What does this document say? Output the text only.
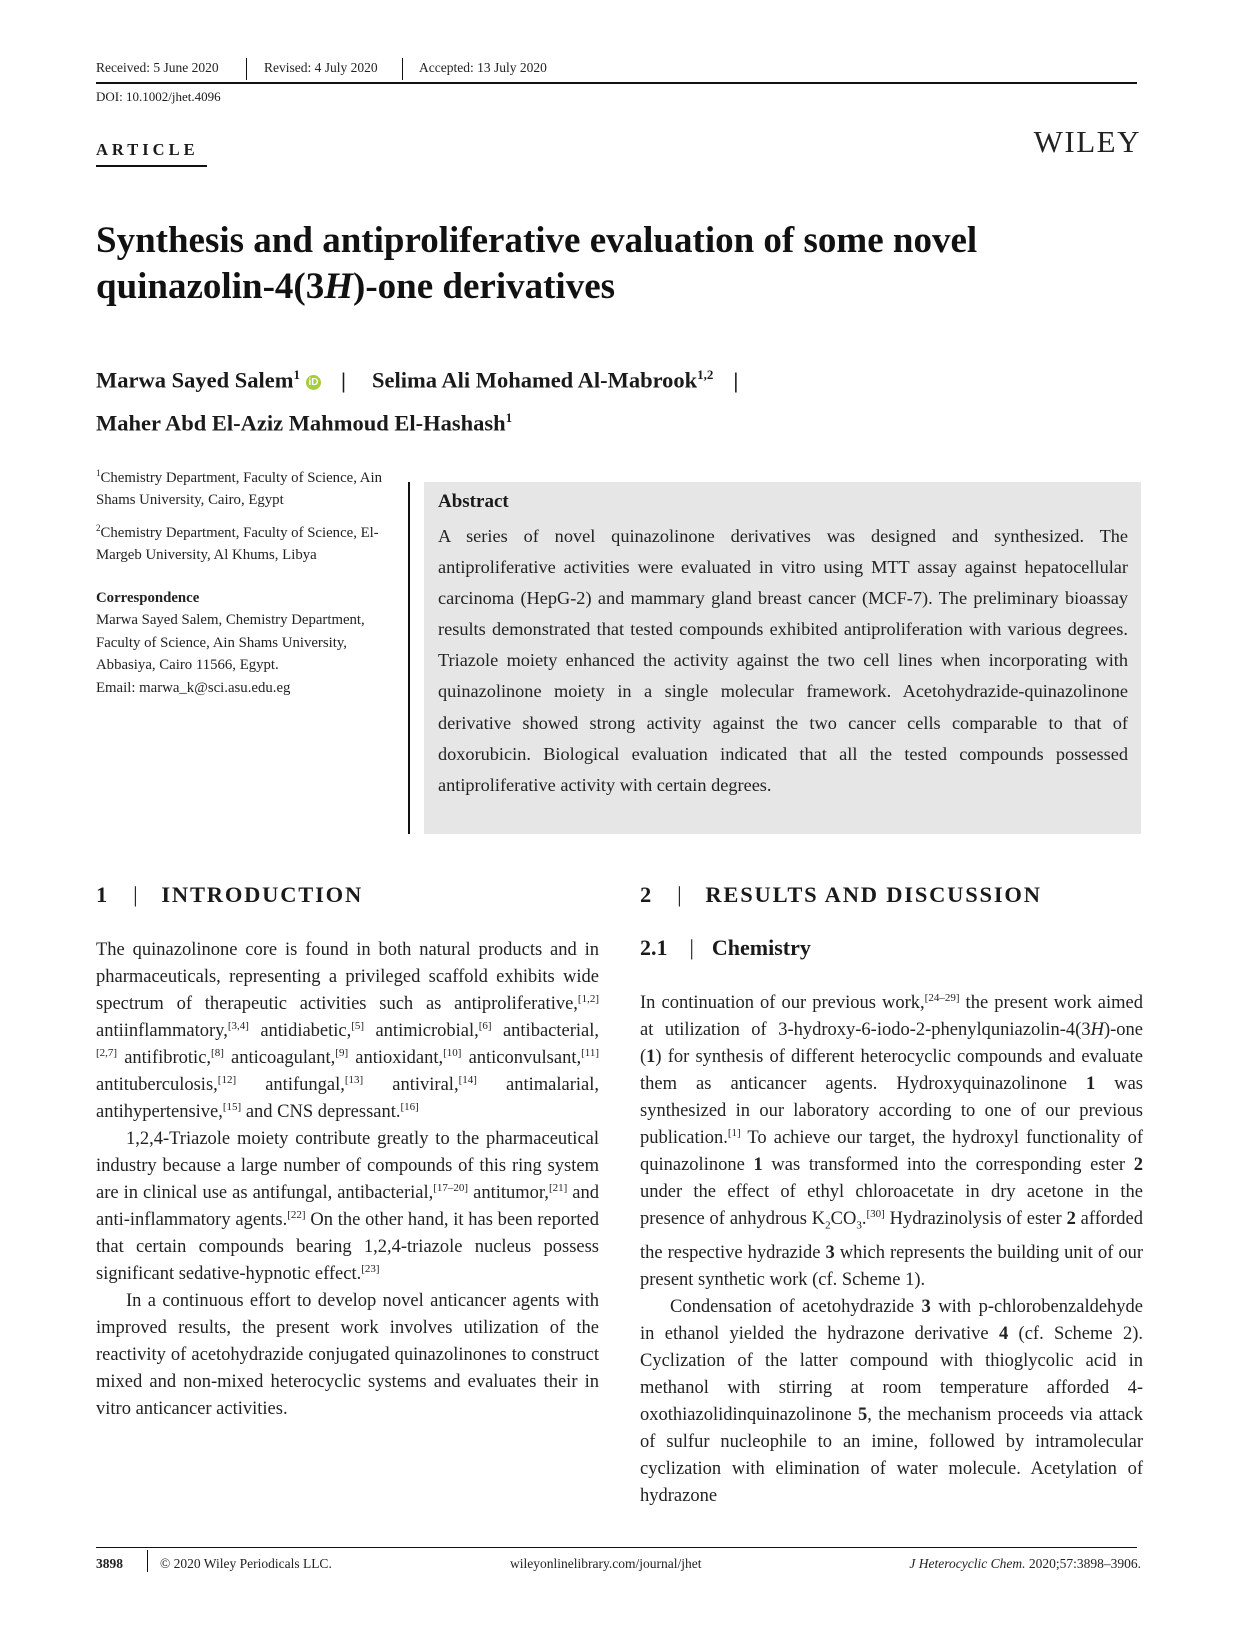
Received: 5 June 2020	Revised: 4 July 2020	Accepted: 13 July 2020
DOI: 10.1002/jhet.4096
ARTICLE	WILEY
Synthesis and antiproliferative evaluation of some novel
quinazolin-4(3H)-one derivatives
Marwa Sayed Salem$^1$ iD | Selima Ali Mohamed Al-Mabrook$^{1,2}$ |
Maher Abd El-Aziz Mahmoud El-Hashash$^1$

$^1$Chemistry Department, Faculty of Science, Ain Shams University, Cairo, Egypt

$^2$Chemistry Department, Faculty of Science, El-Margeb University, Al Khums, Libya

Correspondence

Marwa Sayed Salem, Chemistry Department, Faculty of Science, Ain Shams University, Abbasiya, Cairo 11566, Egypt.

Email: marwa_k@sci.asu.edu.eg

Abstract
A series of novel quinazolinone derivatives was designed and synthesized. The antiproliferative activities were evaluated in vitro using MTT assay against hepatocellular carcinoma (HepG-2) and mammary gland breast cancer (MCF-7). The preliminary bioassay results demonstrated that tested compounds exhibited antiproliferation with various degrees. Triazole moiety enhanced the activity against the two cell lines when incorporating with quinazolinone moiety in a single molecular framework. Acetohydrazide-quinazolinone derivative showed strong activity against the two cancer cells comparable to that of doxorubicin. Biological evaluation indicated that all the tested compounds possessed antiproliferative activity with certain degrees.
1 | INTRODUCTION	2 | RESULTS AND DISCUSSION
2.1 | Chemistry

The quinazolinone core is found in both natural products and in pharmaceuticals, representing a privileged scaffold exhibits wide spectrum of therapeutic activities such as antiproliferative,[1,2] antiinflammatory,[3,4] antidiabetic,[5] antimicrobial,[6] antibacterial,[2,7] antifibrotic,[8] anticoagulant,[9] antioxidant,[10] anticonvulsant,[11] antituberculosis,[12] antifungal,[13] antiviral,[14] antimalarial, antihypertensive,[15] and CNS depressant.[16]

1,2,4-Triazole moiety contribute greatly to the pharmaceutical industry because a large number of compounds of this ring system are in clinical use as antifungal, antibacterial,[17–20] antitumor,[21] and anti-inflammatory agents.[22] On the other hand, it has been reported that certain compounds bearing 1,2,4-triazole nucleus possess significant sedative-hypnotic effect.[23]

In a continuous effort to develop novel anticancer agents with improved results, the present work involves utilization of the reactivity of acetohydrazide conjugated quinazolinones to construct mixed and non-mixed heterocyclic systems and evaluates their in vitro anticancer activities.

In continuation of our previous work,[24–29] the present work aimed at utilization of 3-hydroxy-6-iodo-2-phenylquniazolin-4(3H)-one (1) for synthesis of different heterocyclic compounds and evaluate them as anticancer agents. Hydroxyquinazolinone 1 was synthesized in our laboratory according to one of our previous publication.[1] To achieve our target, the hydroxyl functionality of quinazolinone 1 was transformed into the corresponding ester 2 under the effect of ethyl chloroacetate in dry acetone in the presence of anhydrous $K_2CO_3.[30]$ Hydrazinolysis of ester 2 afforded the respective hydrazide 3 which represents the building unit of our present synthetic work (cf. Scheme 1).

Condensation of acetohydrazide 3 with p-chlorobenzaldehyde in ethanol yielded the hydrazone derivative 4 (cf. Scheme 2). Cyclization of the latter compound with thioglycolic acid in methanol with stirring at room temperature afforded 4-oxothiazolidinquinazolinone 5, the mechanism proceeds via attack of sulfur nucleophile to an imine, followed by intramolecular cyclization with elimination of water molecule. Acetylation of hydrazone

3898	© 2020 Wiley Periodicals LLC.	wileyonlinelibrary.com/journal/jhet	J Heterocyclic Chem. 2020;57:3898–3906.
